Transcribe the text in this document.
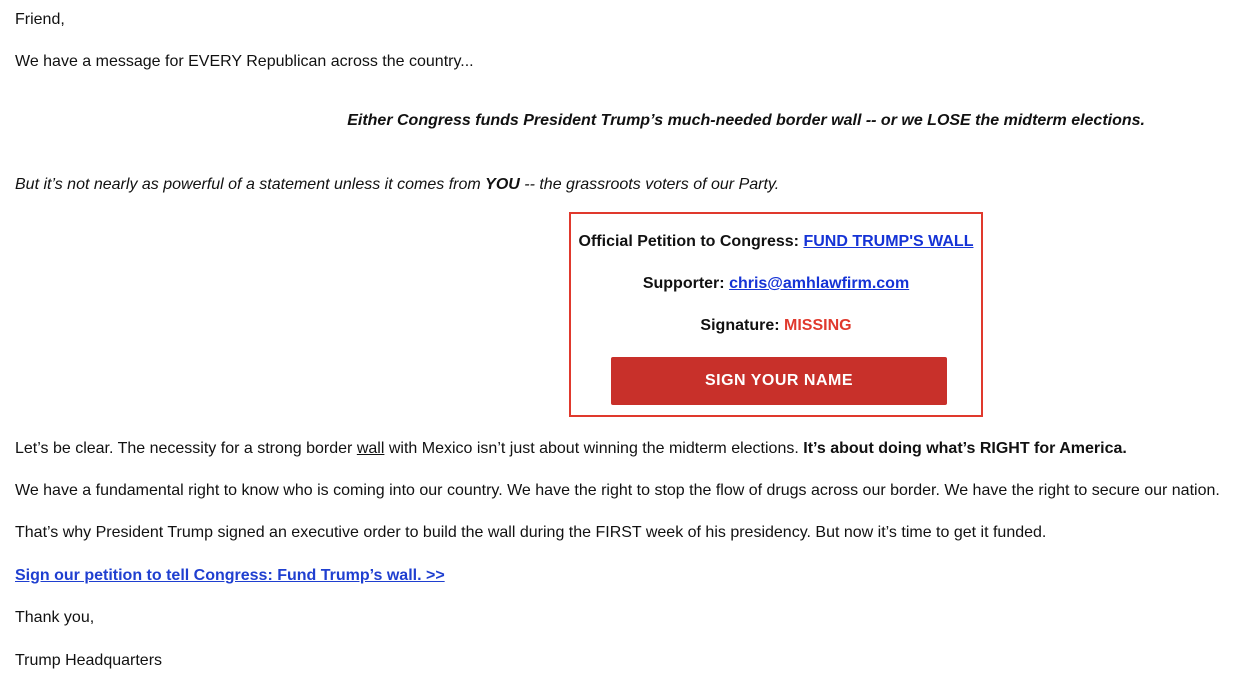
Friend,
We have a message for EVERY Republican across the country...
Either Congress funds President Trump’s much-needed border wall -- or we LOSE the midterm elections.
But it’s not nearly as powerful of a statement unless it comes from YOU -- the grassroots voters of our Party.
Official Petition to Congress: FUND TRUMP'S WALL
Supporter: chris@amhlawfirm.com
Signature: MISSING
SIGN YOUR NAME
Let’s be clear. The necessity for a strong border wall with Mexico isn’t just about winning the midterm elections. It’s about doing what’s RIGHT for America.
We have a fundamental right to know who is coming into our country. We have the right to stop the flow of drugs across our border. We have the right to secure our nation.
That’s why President Trump signed an executive order to build the wall during the FIRST week of his presidency. But now it’s time to get it funded.
Sign our petition to tell Congress: Fund Trump’s wall. >>
Thank you,
Trump Headquarters
